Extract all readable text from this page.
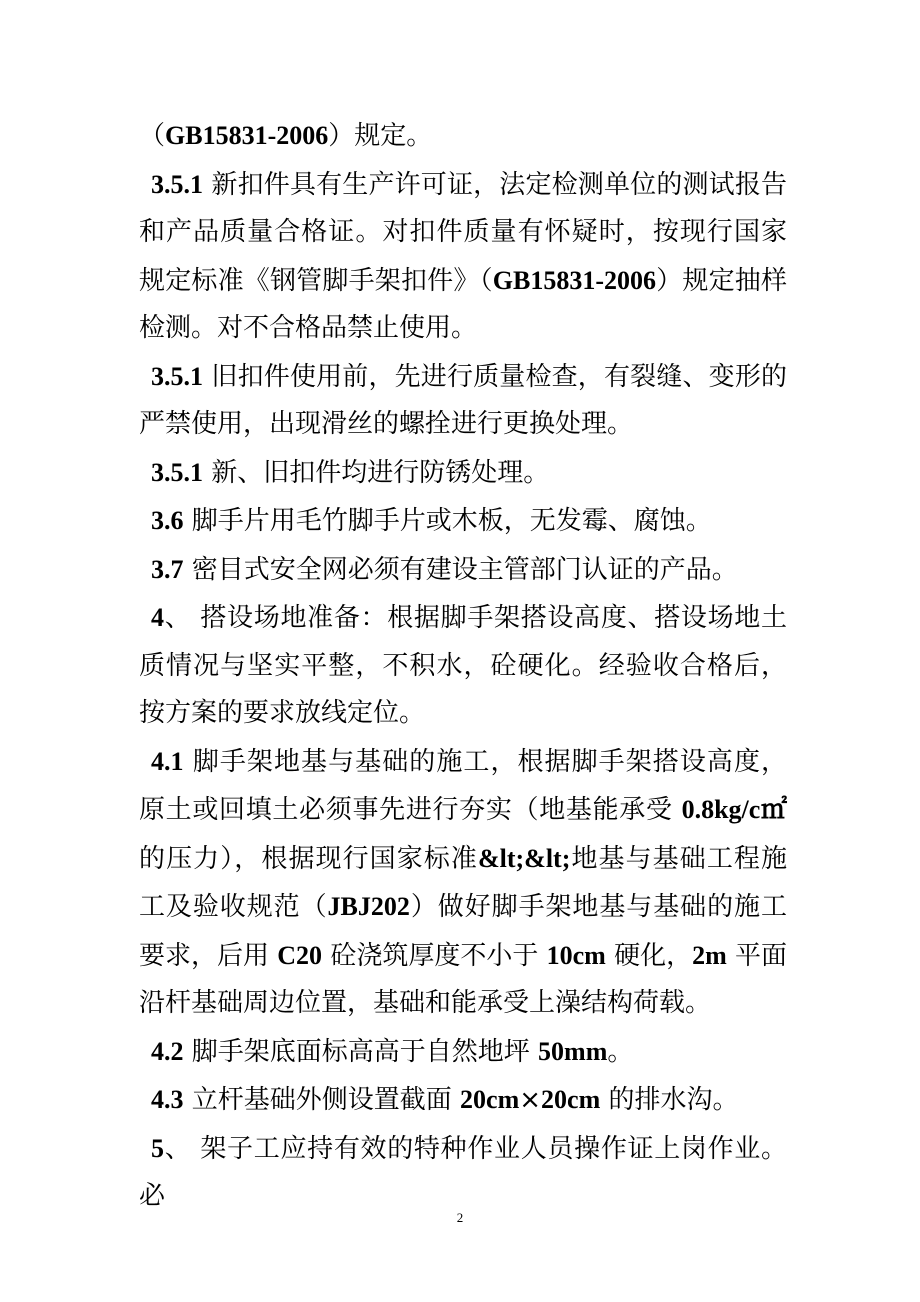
（GB15831-2006）规定。

3.5.1 新扣件具有生产许可证，法定检测单位的测试报告和产品质量合格证。对扣件质量有怀疑时，按现行国家规定标准《钢管脚手架扣件》（GB15831-2006）规定抽样检测。对不合格品禁止使用。

3.5.1 旧扣件使用前，先进行质量检查，有裂缝、变形的严禁使用，出现滑丝的螺拴进行更换处理。

3.5.1 新、旧扣件均进行防锈处理。

3.6 脚手片用毛竹脚手片或木板，无发霉、腐蚀。

3.7 密目式安全网必须有建设主管部门认证的产品。

4、 搭设场地准备：根据脚手架搭设高度、搭设场地土质情况与坚实平整，不积水，砼硬化。经验收合格后，按方案的要求放线定位。

4.1 脚手架地基与基础的施工，根据脚手架搭设高度，原土或回填土必须事先进行夯实（地基能承受 0.8kg/c㎡的压力），根据现行国家标准&lt;&lt;地基与基础工程施工及验收规范（JBJ202）做好脚手架地基与基础的施工要求，后用 C20 砼浇筑厚度不小于 10cm 硬化，2m 平面沿杆基础周边位置，基础和能承受上澡结构荷载。

4.2 脚手架底面标高高于自然地坪 50mm。

4.3 立杆基础外侧设置截面 20cm×20cm 的排水沟。

5、 架子工应持有效的特种作业人员操作证上岗作业。必

2
